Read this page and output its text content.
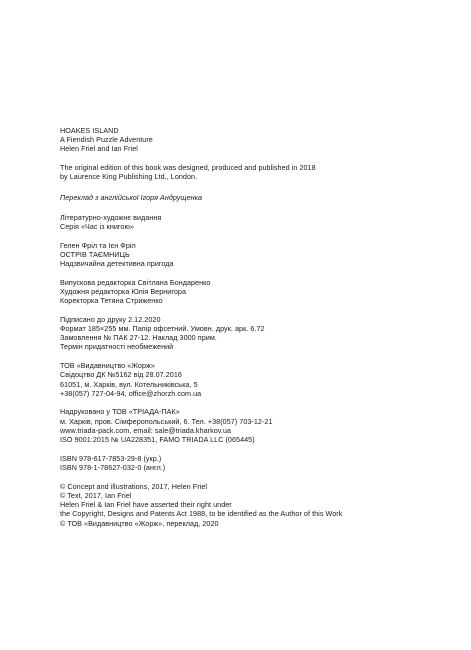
HOAKES ISLAND
A Fiendish Puzzle Adventure
Helen Friel and Ian Friel
The original edition of this book was designed, produced and published in 2018
by Laurence King Publishing Ltd., London.
Переклад з англійської Ігоря Андрущенка
Літературно-художнє видання
Серія «Час із книгою»
Гелен Фріл та Ієн Фріл
ОСТРІВ ТАЄМНИЦЬ
Надзвичайна детективна пригода
Випускова редакторка Світлана Бондаренко
Художня редакторка Юлія Вернигора
Коректорка Тетяна Стриженко
Підписано до друку 2.12.2020
Формат 185×255 мм. Папір офсетний. Умовн. друк. арк. 6.72
Замовлення № ПАК 27-12. Наклад 3000 прим.
Термін придатності необмежений
ТОВ «Видавництво «Жорж»
Свідоцтво ДК №5162 від 28.07.2016
61051, м. Харків, вул. Котельниківська, 5
+38(057) 727-04-94, office@zhorzh.com.ua
Надруковано у ТОВ «ТРІАДА-ПАК»
м. Харків, пров. Сімферопольський, 6. Тел. +38(057) 703-12-21
www.triada-pack.com, email: sale@triada.kharkov.ua
ISO 9001:2015 № UA228351, FAMO TRIADA LLC (065445)
ISBN 978-617-7853-29-8 (укр.)
ISBN 978-1-78627-032-0 (англ.)
© Concept and illustrations, 2017, Helen Friel
© Text, 2017, Ian Friel
Helen Friel & Ian Friel have asserted their right under
the Copyright, Designs and Patents Act 1988, to be identified as the Author of this Work
© ТОВ «Видавництво «Жорж», переклад, 2020
